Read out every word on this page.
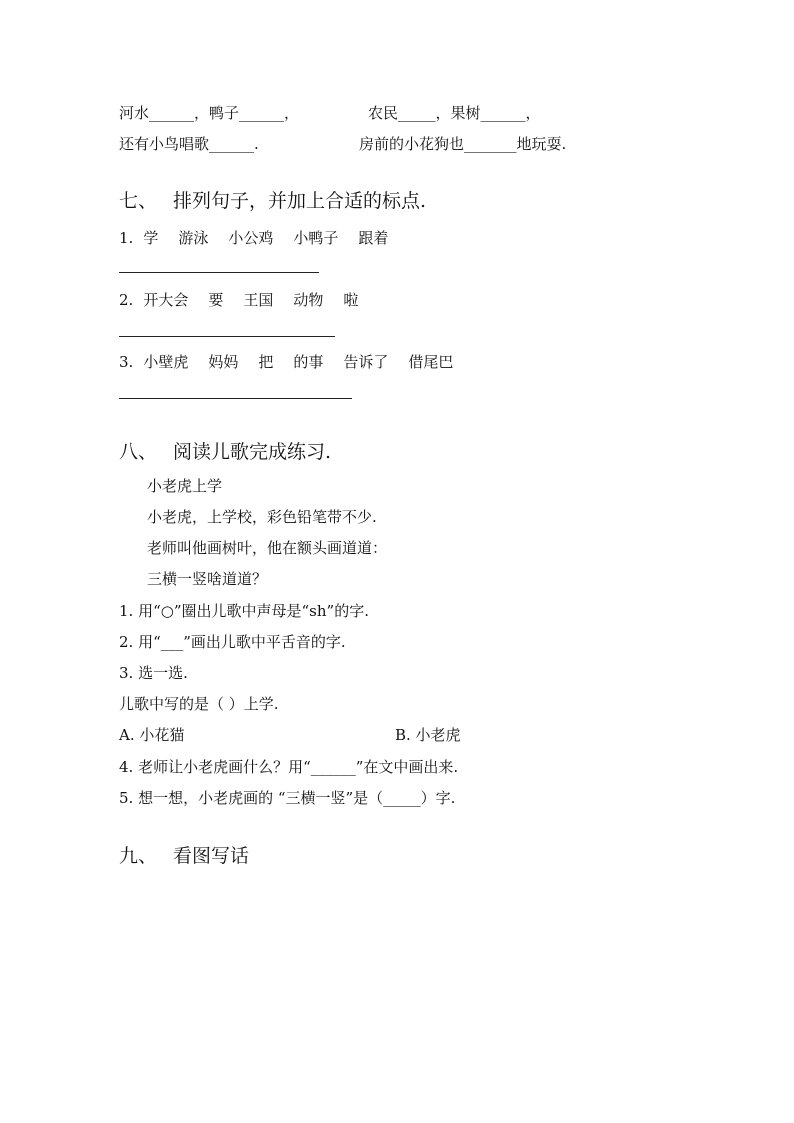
河水______，鸭子______，	农民_____，果树______，

还有小鸟唱歌______.	房前的小花狗也_______地玩耍.

七、 排列句子，并加上合适的标点.

1. 学 游泳 小公鸡 小鸭子 跟着

2. 开大会 要 王国 动物 啦

3. 小壁虎 妈妈 把 的事 告诉了 借尾巴

八、 阅读儿歌完成练习.

小老虎上学

小老虎，上学校，彩色铅笔带不少.

老师叫他画树叶，他在额头画道道：

三横一竖啥道道？

1. 用“○”圈出儿歌中声母是“sh”的字.

2. 用“___”画出儿歌中平舌音的字.

3. 选一选.

儿歌中写的是（ ）上学.

A. 小花猫	B. 小老虎

4. 老师让小老虎画什么？用“______”在文中画出来.

5. 想一想，小老虎画的 “三横一竖”是（_____）字.

九、 看图写话
